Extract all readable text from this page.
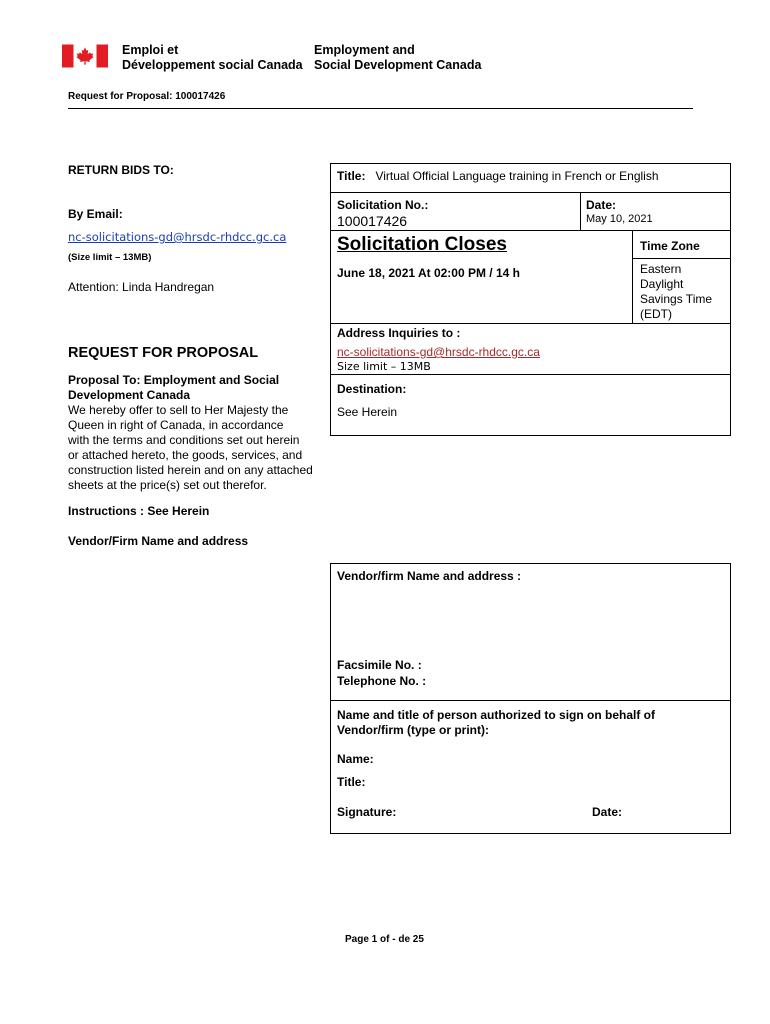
Emploi et
Développement social Canada
Employment and
Social Development Canada
Request for Proposal: 100017426
RETURN BIDS TO:
By Email:
nc-solicitations-gd@hrsdc-rhdcc.gc.ca
(Size limit – 13MB)
Attention: Linda Handregan
REQUEST FOR PROPOSAL
Proposal To: Employment and Social
Development Canada
We hereby offer to sell to Her Majesty the
Queen in right of Canada, in accordance
with the terms and conditions set out herein
or attached hereto, the goods, services, and
construction listed herein and on any attached
sheets at the price(s) set out therefor.
Instructions : See Herein
Vendor/Firm Name and address
Title: Virtual Official Language training in French or English
Solicitation No.:
100017426
Date:
May 10, 2021
Solicitation Closes
June 18, 2021 At 02:00 PM / 14 h
Time Zone
Eastern
Daylight
Savings Time
(EDT)
Address Inquiries to :
nc-solicitations-gd@hrsdc-rhdcc.gc.ca
Size limit – 13MB
Destination:
See Herein
Vendor/firm Name and address :
Facsimile No. :
Telephone No. :
Name and title of person authorized to sign on behalf of
Vendor/firm (type or print):
Name:
Title:
Signature:	Date:
Page 1 of - de 25
